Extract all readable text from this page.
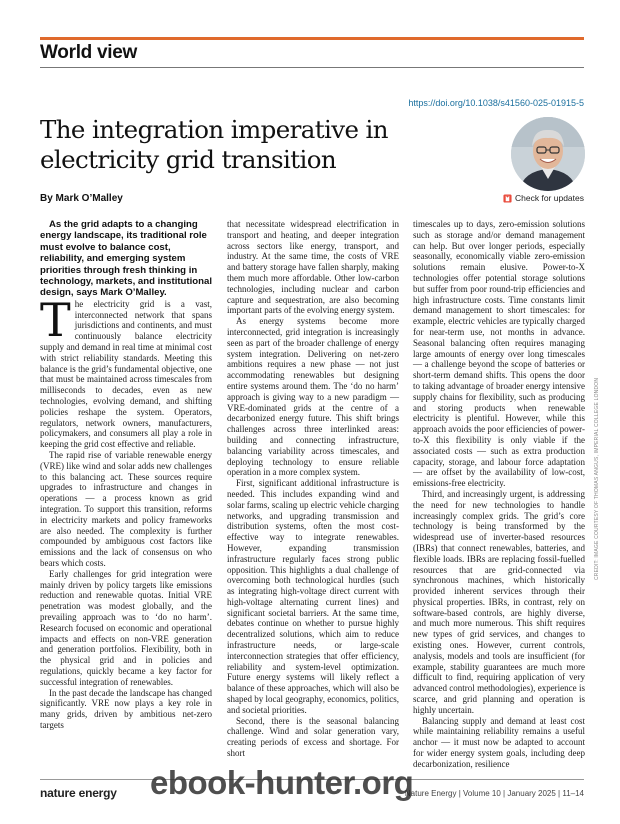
World view
https://doi.org/10.1038/s41560-025-01915-5
The integration imperative in electricity grid transition
By Mark O’Malley	Check for updates

As the grid adapts to a changing energy landscape, its traditional role must evolve to balance cost, reliability, and emerging system priorities through fresh thinking in technology, markets, and institutional design, says Mark O’Malley.

The electricity grid is a vast, interconnected network that spans jurisdictions and continents, and must continuously balance electricity supply and demand in real time at minimal cost with strict reliability standards. Meeting this balance is the grid’s fundamental objective, one that must be maintained across timescales from milliseconds to decades, even as new technologies, evolving demand, and shifting policies reshape the system. Operators, regulators, network owners, manufacturers, policymakers, and consumers all play a role in keeping the grid cost effective and reliable.

The rapid rise of variable renewable energy (VRE) like wind and solar adds new challenges to this balancing act. These sources require upgrades to infrastructure and changes in operations — a process known as grid integration. To support this transition, reforms in electricity markets and policy frameworks are also needed. The complexity is further compounded by ambiguous cost factors like emissions and the lack of consensus on who bears which costs.

Early challenges for grid integration were mainly driven by policy targets like emissions reduction and renewable quotas. Initial VRE penetration was modest globally, and the prevailing approach was to ‘do no harm’. Research focused on economic and operational impacts and effects on non-VRE generation and generation portfolios. Flexibility, both in the physical grid and in policies and regulations, quickly became a key factor for successful integration of renewables.

In the past decade the landscape has changed significantly. VRE now plays a key role in many grids, driven by ambitious net-zero targets

that necessitate widespread electrification in transport and heating, and deeper integration across sectors like energy, transport, and industry. At the same time, the costs of VRE and battery storage have fallen sharply, making them much more affordable. Other low-carbon technologies, including nuclear and carbon capture and sequestration, are also becoming important parts of the evolving energy system.

As energy systems become more interconnected, grid integration is increasingly seen as part of the broader challenge of energy system integration. Delivering on net-zero ambitions requires a new phase — not just accommodating renewables but designing entire systems around them. The ‘do no harm’ approach is giving way to a new paradigm — VRE-dominated grids at the centre of a decarbonized energy future. This shift brings challenges across three interlinked areas: building and connecting infrastructure, balancing variability across timescales, and deploying technology to ensure reliable operation in a more complex system.

First, significant additional infrastructure is needed. This includes expanding wind and solar farms, scaling up electric vehicle charging networks, and upgrading transmission and distribution systems, often the most cost-effective way to integrate renewables. However, expanding transmission infrastructure regularly faces strong public opposition. This highlights a dual challenge of overcoming both technological hurdles (such as integrating high-voltage direct current with high-voltage alternating current lines) and significant societal barriers. At the same time, debates continue on whether to pursue highly decentralized solutions, which aim to reduce infrastructure needs, or large-scale interconnection strategies that offer efficiency, reliability and system-level optimization. Future energy systems will likely reflect a balance of these approaches, which will also be shaped by local geography, economics, politics, and societal priorities.

Second, there is the seasonal balancing challenge. Wind and solar generation vary, creating periods of excess and shortage. For short

timescales up to days, zero-emission solutions such as storage and/or demand management can help. But over longer periods, especially seasonally, economically viable zero-emission solutions remain elusive. Power-to-X technologies offer potential storage solutions but suffer from poor round-trip efficiencies and high infrastructure costs. Time constants limit demand management to short timescales: for example, electric vehicles are typically charged for near-term use, not months in advance. Seasonal balancing often requires managing large amounts of energy over long timescales — a challenge beyond the scope of batteries or short-term demand shifts. This opens the door to taking advantage of broader energy intensive supply chains for flexibility, such as producing and storing products when renewable electricity is plentiful. However, while this approach avoids the poor efficiencies of power-to-X this flexibility is only viable if the associated costs — such as extra production capacity, storage, and labour force adaptation — are offset by the availability of low-cost, emissions-free electricity.

Third, and increasingly urgent, is addressing the need for new technologies to handle increasingly complex grids. The grid’s core technology is being transformed by the widespread use of inverter-based resources (IBRs) that connect renewables, batteries, and flexible loads. IBRs are replacing fossil-fuelled resources that are grid-connected via synchronous machines, which historically provided inherent services through their physical properties. IBRs, in contrast, rely on software-based controls, are highly diverse, and much more numerous. This shift requires new types of grid services, and changes to existing ones. However, current controls, analysis, models and tools are insufficient (for example, stability guarantees are much more difficult to find, requiring application of very advanced control methodologies), experience is scarce, and grid planning and operation is highly uncertain.

Balancing supply and demand at least cost while maintaining reliability remains a useful anchor — it must now be adapted to account for wider energy system goals, including deep decarbonization, resilience

CREDIT: IMAGE COURTESY OF THOMAS ANGUS, IMPERIAL COLLEGE LONDON
nature energy	Nature Energy | Volume 10 | January 2025 | 11–14
ebook-hunter.org
